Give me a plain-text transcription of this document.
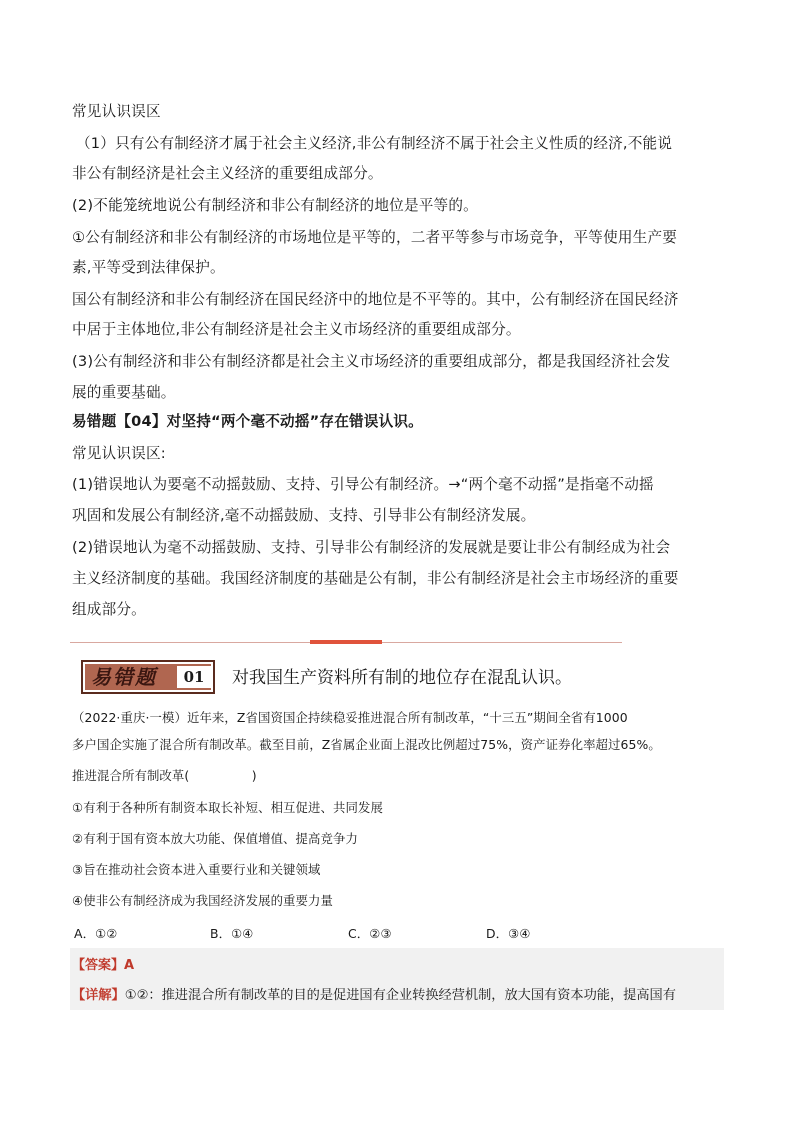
常见认识误区
（1）只有公有制经济才属于社会主义经济,非公有制经济不属于社会主义性质的经济,不能说
非公有制经济是社会主义经济的重要组成部分。
(2)不能笼统地说公有制经济和非公有制经济的地位是平等的。
①公有制经济和非公有制经济的市场地位是平等的，二者平等参与市场竞争，平等使用生产要
素,平等受到法律保护。
国公有制经济和非公有制经济在国民经济中的地位是不平等的。其中，公有制经济在国民经济
中居于主体地位,非公有制经济是社会主义市场经济的重要组成部分。
(3)公有制经济和非公有制经济都是社会主义市场经济的重要组成部分，都是我国经济社会发
展的重要基础。
易错题【04】对坚持“两个毫不动摇”存在错误认识。
常见认识误区:
(1)错误地认为要毫不动摇鼓励、支持、引导公有制经济。→“两个毫不动摇”是指毫不动摇
巩固和发展公有制经济,毫不动摇鼓励、支持、引导非公有制经济发展。
(2)错误地认为毫不动摇鼓励、支持、引导非公有制经济的发展就是要让非公有制经成为社会
主义经济制度的基础。我国经济制度的基础是公有制，非公有制经济是社会主市场经济的重要
组成部分。
易错题	01	对我国生产资料所有制的地位存在混乱认识。
（2022·重庆·一模）近年来，Z省国资国企持续稳妥推进混合所有制改革，“十三五”期间全省有1000
多户国企实施了混合所有制改革。截至目前，Z省属企业面上混改比例超过75%，资产证券化率超过65%。
推进混合所有制改革(　　　　　)
①有利于各种所有制资本取长补短、相互促进、共同发展
②有利于国有资本放大功能、保值增值、提高竞争力
③旨在推动社会资本进入重要行业和关键领域
④使非公有制经济成为我国经济发展的重要力量
A．①②	B．①④	C．②③	D．③④
【答案】A
【详解】①②：推进混合所有制改革的目的是促进国有企业转换经营机制，放大国有资本功能，提高国有
